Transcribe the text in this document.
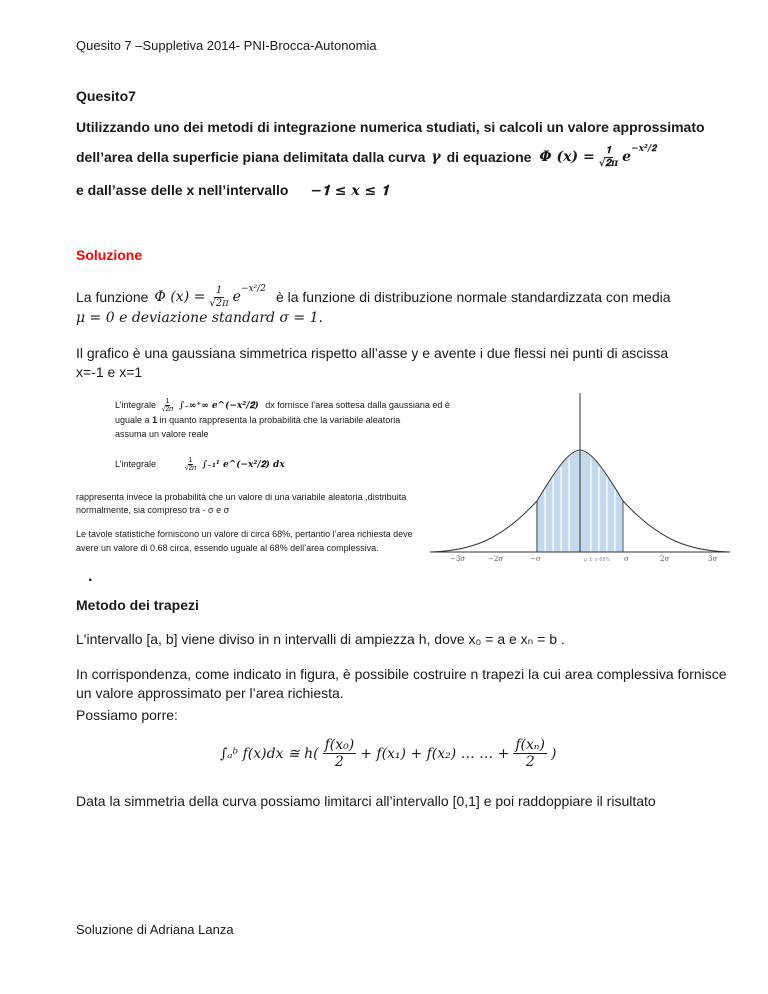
Quesito 7 –Suppletiva 2014- PNI-Brocca-Autonomia
Quesito7
Utilizzando uno dei metodi di integrazione numerica studiati, si calcoli un valore approssimato
dell’area della superficie piana delimitata dalla curva γ di equazione Φ (𝒙) = $\frac{𝟏}{\text{√𝟐𝝅}}$ 𝒆 −𝒙²/𝟐
e dall’asse delle x nell’intervallo −𝟏 ≤ 𝒙 ≤ 𝟏
Soluzione
La funzione Φ (𝑥) = $\frac{1}{\text{√2𝜋}}$ 𝑒 −𝑥²/2 è la funzione di distribuzione normale standardizzata con media
𝜇 = 0 𝑒 𝑑𝑒𝑣𝑖𝑎𝑧𝑖𝑜𝑛𝑒 𝑠𝑡𝑎𝑛𝑑𝑎𝑟𝑑 𝜎 = 1.
Il grafico è una gaussiana simmetrica rispetto all’asse y e avente i due flessi nei punti di ascissa
x=-1 e x=1
L’integrale 1
√2𝜋 ∫₋∞⁺∞ 𝒆^(−𝒙²/𝟐) dx fornisce l’area sottesa dalla gaussiana ed è
uguale a 1 in quanto rappresenta la probabilità che la variabile aleatoria
assuma un valore reale
L’integrale	1
√2𝜋 ∫₋₁¹ 𝒆^(−𝒙²/𝟐) 𝒅𝒙
rappresenta invece la probabilità che un valore di una variabile aleatoria ,distribuita
normalmente, sia compreso tra - σ e σ
Le tavole statistiche forniscono un valore di circa 68%, pertantio l’area richiesta deve
avere un valore di 0.68 circa, essendo uguale al 68% dell’area complessiva.
.
−3σ	−2σ	−σ	σ	2σ	3σ
μ ± σ 68%
Metodo dei trapezi
L'intervallo [a, b] viene diviso in n intervalli di ampiezza h, dove x₀ = a e xₙ = b .
In corrispondenza, come indicato in figura, è possibile costruire n trapezi la cui area complessiva fornisce
un valore approssimato per l’area richiesta.
Possiamo porre:
∫ₐᵇ 𝑓(𝑥)𝑑𝑥 ≅ ℎ( $\frac{\text{𝑓(𝑥₀)}}{2}$ + 𝑓(𝑥₁) + 𝑓(𝑥₂) … … + $\frac{\text{𝑓(𝑥ₙ)}}{2}$ )
Data la simmetria della curva possiamo limitarci all’intervallo [0,1] e poi raddoppiare il risultato
Soluzione di Adriana Lanza
